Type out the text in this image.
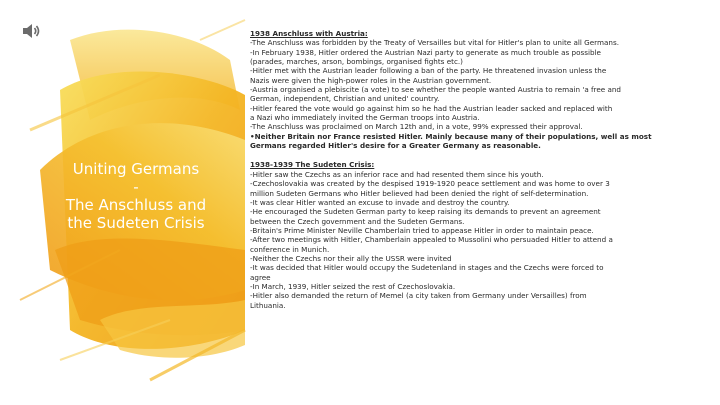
Uniting Germans
-
The Anschluss and
the Sudeten Crisis
1938 Anschluss with Austria:
-The Anschluss was forbidden by the Treaty of Versailles but vital for Hitler's plan to unite all Germans.
-In February 1938, Hitler ordered the Austrian Nazi party to generate as much trouble as possible
(parades, marches, arson, bombings, organised fights etc.)
-Hitler met with the Austrian leader following a ban of the party. He threatened invasion unless the
Nazis were given the high-power roles in the Austrian government.
-Austria organised a plebiscite (a vote) to see whether the people wanted Austria to remain 'a free and
German, independent, Christian and united' country.
-Hitler feared the vote would go against him so he had the Austrian leader sacked and replaced with
a Nazi who immediately invited the German troops into Austria.
-The Anschluss was proclaimed on March 12th and, in a vote, 99% expressed their approval.
•Neither Britain nor France resisted Hitler. Mainly because many of their populations, well as most
Germans regarded Hitler's desire for a Greater Germany as reasonable.
1938-1939 The Sudeten Crisis:
-Hitler saw the Czechs as an inferior race and had resented them since his youth.
-Czechoslovakia was created by the despised 1919-1920 peace settlement and was home to over 3
million Sudeten Germans who Hitler believed had been denied the right of self-determination.
-It was clear Hitler wanted an excuse to invade and destroy the country.
-He encouraged the Sudeten German party to keep raising its demands to prevent an agreement
between the Czech government and the Sudeten Germans.
-Britain's Prime Minister Neville Chamberlain tried to appease Hitler in order to maintain peace.
-After two meetings with Hitler, Chamberlain appealed to Mussolini who persuaded Hitler to attend a
conference in Munich.
-Neither the Czechs nor their ally the USSR were invited
-It was decided that Hitler would occupy the Sudetenland in stages and the Czechs were forced to
agree
-In March, 1939, Hitler seized the rest of Czechoslovakia.
-Hitler also demanded the return of Memel (a city taken from Germany under Versailles) from
Lithuania.
